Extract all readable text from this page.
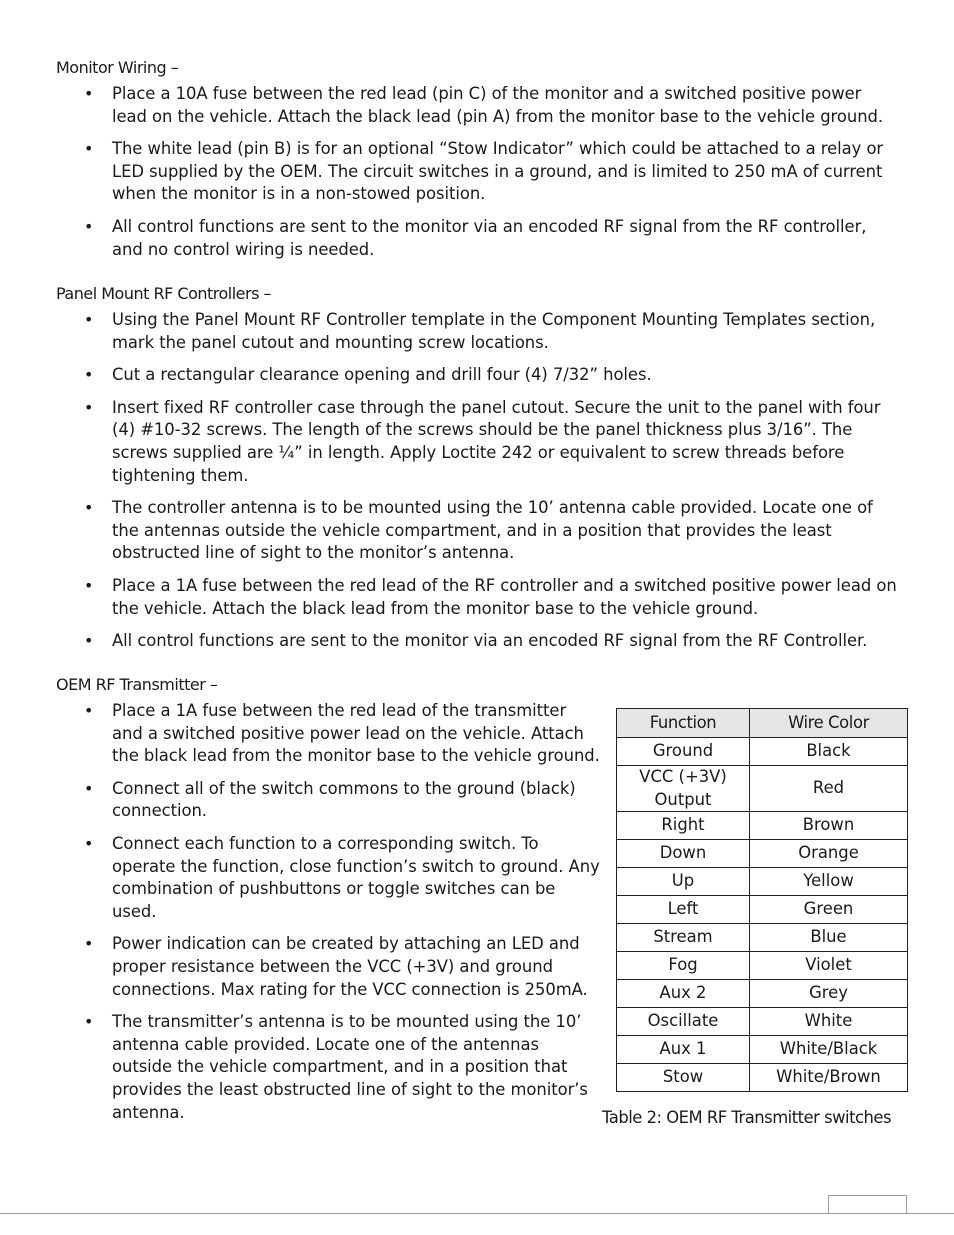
Monitor Wiring –
• Place a 10A fuse between the red lead (pin C) of the monitor and a switched positive power lead on the vehicle. Attach the black lead (pin A) from the monitor base to the vehicle ground.
• The white lead (pin B) is for an optional “Stow Indicator” which could be attached to a relay or LED supplied by the OEM. The circuit switches in a ground, and is limited to 250 mA of current when the monitor is in a non-stowed position.
• All control functions are sent to the monitor via an encoded RF signal from the RF controller, and no control wiring is needed.
Panel Mount RF Controllers –
• Using the Panel Mount RF Controller template in the Component Mounting Templates section, mark the panel cutout and mounting screw locations.
• Cut a rectangular clearance opening and drill four (4) 7/32” holes.
• Insert fixed RF controller case through the panel cutout. Secure the unit to the panel with four (4) #10-32 screws. The length of the screws should be the panel thickness plus 3/16”. The screws supplied are ¼” in length. Apply Loctite 242 or equivalent to screw threads before tightening them.
• The controller antenna is to be mounted using the 10’ antenna cable provided. Locate one of the antennas outside the vehicle compartment, and in a position that provides the least obstructed line of sight to the monitor’s antenna.
• Place a 1A fuse between the red lead of the RF controller and a switched positive power lead on the vehicle. Attach the black lead from the monitor base to the vehicle ground.
• All control functions are sent to the monitor via an encoded RF signal from the RF Controller.
OEM RF Transmitter –
• Place a 1A fuse between the red lead of the transmitter and a switched positive power lead on the vehicle. Attach the black lead from the monitor base to the vehicle ground.
• Connect all of the switch commons to the ground (black) connection.
• Connect each function to a corresponding switch. To operate the function, close function’s switch to ground. Any combination of pushbuttons or toggle switches can be used.
• Power indication can be created by attaching an LED and proper resistance between the VCC (+3V) and ground connections. Max rating for the VCC connection is 250mA.
• The transmitter’s antenna is to be mounted using the 10’ antenna cable provided. Locate one of the antennas outside the vehicle compartment, and in a position that provides the least obstructed line of sight to the monitor’s antenna.
Function	Wire Color
Ground	Black
VCC (+3V) Output	Red
Right	Brown
Down	Orange
Up	Yellow
Left	Green
Stream	Blue
Fog	Violet
Aux 2	Grey
Oscillate	White
Aux 1	White/Black
Stow	White/Brown
Table 2: OEM RF Transmitter switches
